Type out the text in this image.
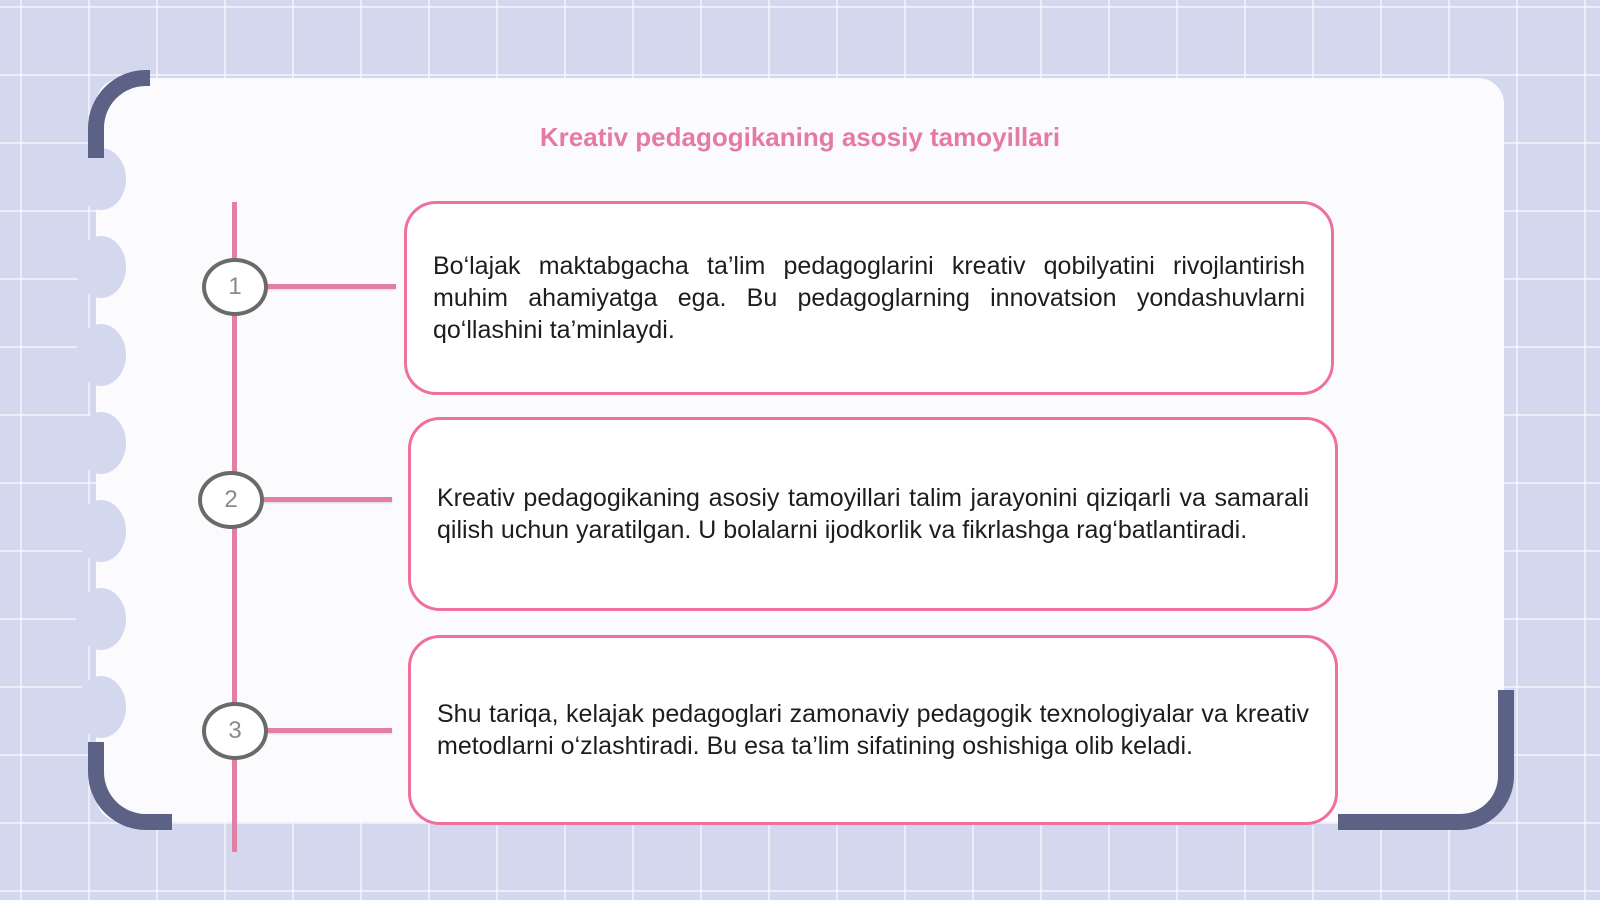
Kreativ pedagogikaning asosiy tamoyillari
1
2
3

Bo‘lajak maktabgacha ta’lim pedagoglarini kreativ qobilyatini rivojlantirish muhim ahamiyatga ega. Bu pedagoglarning innovatsion yondashuvlarni qo‘llashini ta’minlaydi.

Kreativ pedagogikaning asosiy tamoyillari talim jarayonini qiziqarli va samarali qilish uchun yaratilgan. U bolalarni ijodkorlik va fikrlashga rag‘batlantiradi.

Shu tariqa, kelajak pedagoglari zamonaviy pedagogik texnologiyalar va kreativ metodlarni o‘zlashtiradi. Bu esa ta’lim sifatining oshishiga olib keladi.
